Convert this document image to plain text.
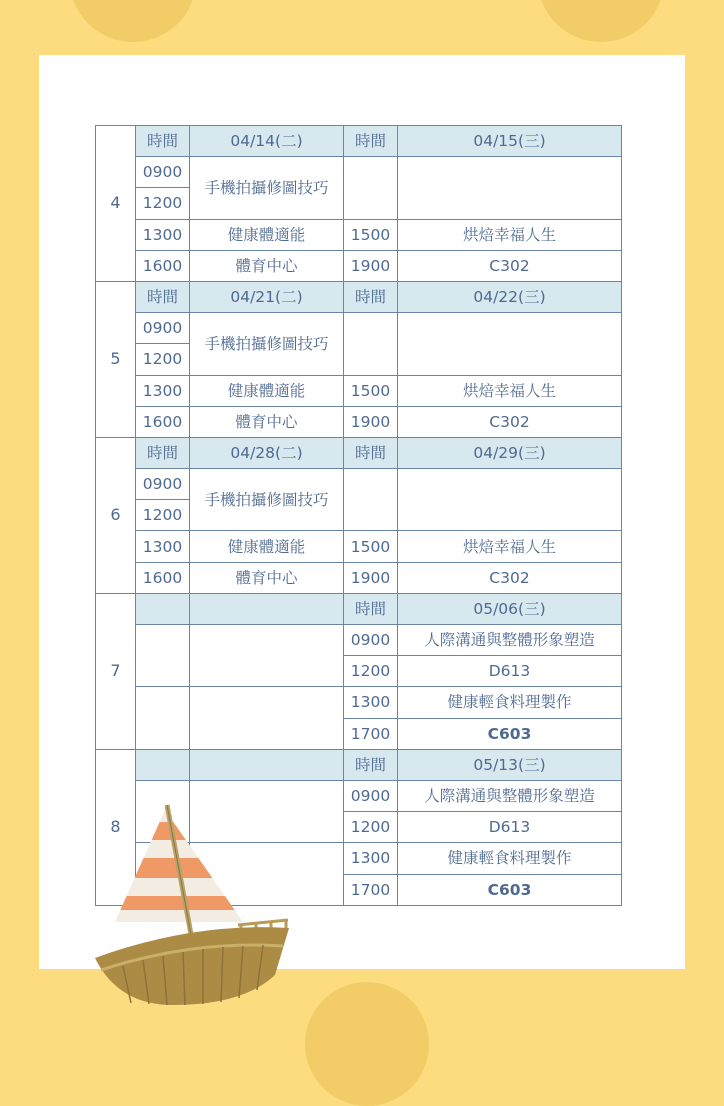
4	時間	04/14(二)	時間	04/15(三)
	0900	手機拍攝修圖技巧		
	1200			
	1300	健康體適能	1500	烘焙幸福人生
	1600	體育中心	1900	C302
5	時間	04/21(二)	時間	04/22(三)
	0900	手機拍攝修圖技巧		
	1200			
	1300	健康體適能	1500	烘焙幸福人生
	1600	體育中心	1900	C302
6	時間	04/28(二)	時間	04/29(三)
	0900	手機拍攝修圖技巧		
	1200			
	1300	健康體適能	1500	烘焙幸福人生
	1600	體育中心	1900	C302
7			時間	05/06(三)
			0900	人際溝通與整體形象塑造
			1200	D613
			1300	健康輕食料理製作
			1700	C603
8			時間	05/13(三)
			0900	人際溝通與整體形象塑造
			1200	D613
			1300	健康輕食料理製作
			1700	C603
